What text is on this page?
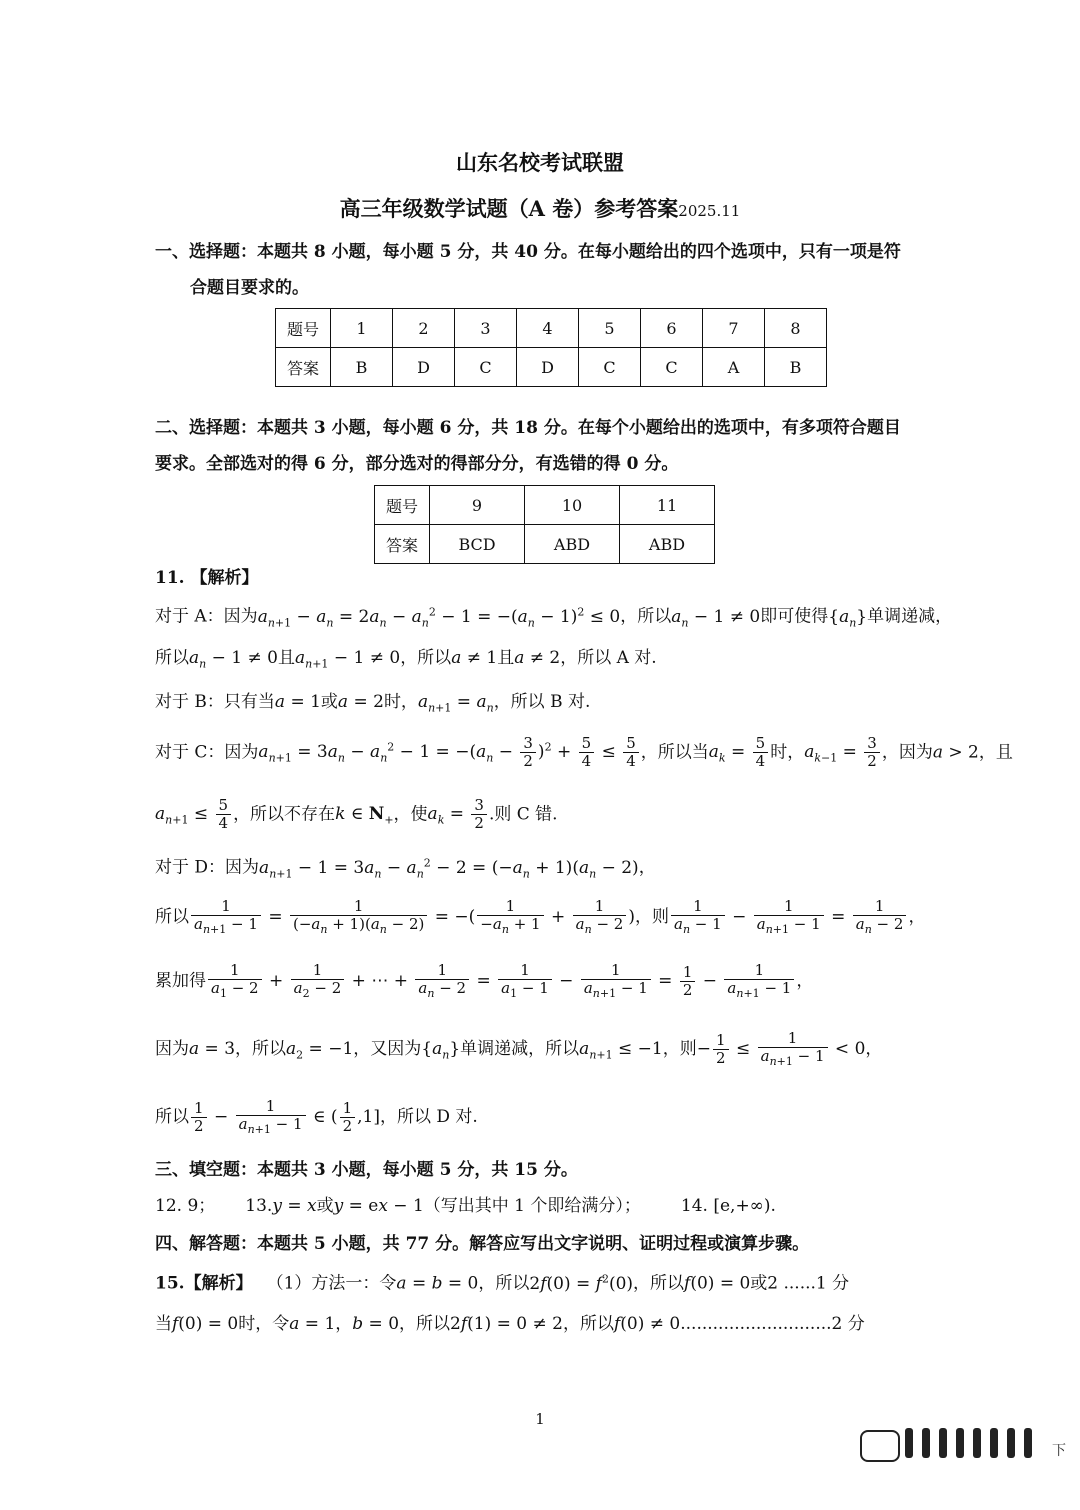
山东名校考试联盟
高三年级数学试题（A 卷）参考答案2025.11
一、选择题：本题共 8 小题，每小题 5 分，共 40 分。在每小题给出的四个选项中，只有一项是符
合题目要求的。
题号	1	2	3	4	5	6	7	8
答案	B	D	C	D	C	C	A	B
二、选择题：本题共 3 小题，每小题 6 分，共 18 分。在每个小题给出的选项中，有多项符合题目
要求。全部选对的得 6 分，部分选对的得部分分，有选错的得 0 分。
题号	9	10	11
答案	BCD	ABD	ABD
11. 【解析】
对于 A：因为$a_{n+1} - a_n = 2a_n - a_n^2 - 1 = -(a_n - 1)^2 \le 0$，所以$a_n - 1 \ne 0$即可使得$\{a_n\}$单调递减，
所以$a_n - 1 \ne 0$且$a_{n+1} - 1 \ne 0$，所以a ≠ 1且a ≠ 2，所以 A 对.
对于 B：只有当a = 1或a = 2时，$a_{n+1} = a_n$，所以 B 对.
对于 C：因为$a_{n+1} = 3a_n - a_n^2 - 1 = -(a_n - \frac{3}{2} )^2 + \frac{5}{4} \le \frac{5}{4}$ ，所以当$a_k = \frac{5}{4}$ 时，$a_{k-1} = \frac{3}{2}$ ，因为a > 2，且
$a_{n+1} \le \frac{5}{4}$ ，所以不存在k ∈ $N_+$，使$a_k = \frac{3}{2}$ .则 C 错.
对于 D：因为$a_{n+1} - 1 = 3a_n - a_n^2 - 2 = (-a_n + 1)(a_n - 2)$，
所以 $\frac{1}{a_{n+1} - 1} = \frac{1}{(-a_n + 1)(a_n - 2)}$ = −( $\frac{1}{-a_n + 1} + \frac{1}{a_n - 2}$ )，则 $\frac{1}{a_n - 1} - \frac{1}{a_{n+1} - 1} = \frac{1}{a_n - 2}$ ，
累加得 $\frac{1}{a_1 - 2} + \frac{1}{a_2 - 2}$ + ⋯ + $\frac{1}{a_n - 2} = \frac{1}{a_1 - 1} - \frac{1}{a_{n+1} - 1} = \frac{1}{2} - \frac{1}{a_{n+1} - 1}$ ，
因为a = 3，所以$a_2 = -1$，又因为$\{a_n\}$单调递减，所以$a_{n+1} \le -1$，则− $\frac{1}{2} \le \frac{1}{a_{n+1} - 1} < 0$，
所以 $\frac{1}{2} - \frac{1}{a_{n+1} - 1}$ ∈ ( $\frac{1}{2} ,1$]，所以 D 对.
三、填空题：本题共 3 小题，每小题 5 分，共 15 分。
12. 9； 13.y = x或y = ex − 1（写出其中 1 个即给满分）； 14. [e,+∞).
四、解答题：本题共 5 小题，共 77 分。解答应写出文字说明、证明过程或演算步骤。
15.【解析】 （1）方法一：令a = b = 0，所以$2f(0) = f^2(0)$，所以f(0) = 0或2 ......1 分
当f(0) = 0时，令a = 1，b = 0，所以2f(1) = 0 ≠ 2，所以f(0) ≠ 0............................2 分
1
下
